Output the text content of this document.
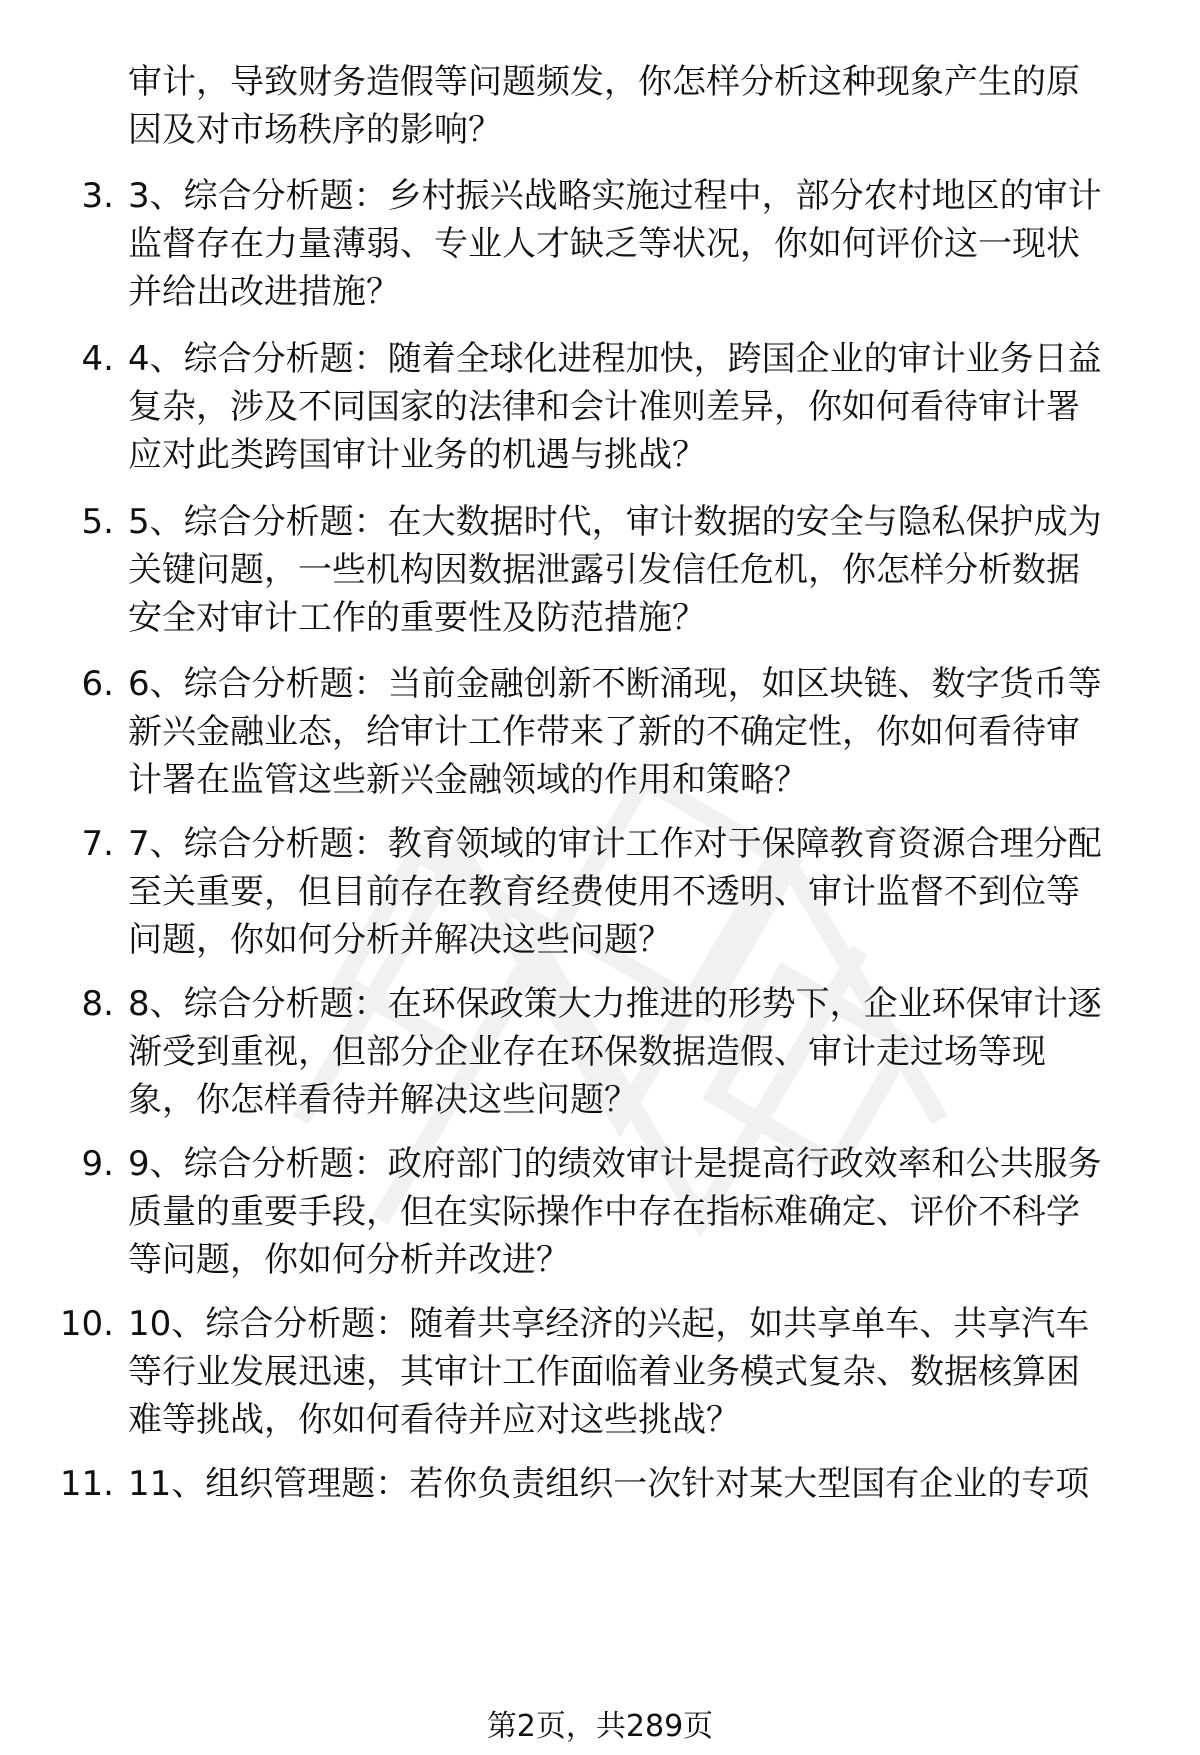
审计，导致财务造假等问题频发，你怎样分析这种现象产生的原
因及对市场秩序的影响？

3. 3、综合分析题：乡村振兴战略实施过程中，部分农村地区的审计
监督存在力量薄弱、专业人才缺乏等状况，你如何评价这一现状
并给出改进措施？

4. 4、综合分析题：随着全球化进程加快，跨国企业的审计业务日益
复杂，涉及不同国家的法律和会计准则差异，你如何看待审计署
应对此类跨国审计业务的机遇与挑战？

5. 5、综合分析题：在大数据时代，审计数据的安全与隐私保护成为
关键问题，一些机构因数据泄露引发信任危机，你怎样分析数据
安全对审计工作的重要性及防范措施？

6. 6、综合分析题：当前金融创新不断涌现，如区块链、数字货币等
新兴金融业态，给审计工作带来了新的不确定性，你如何看待审
计署在监管这些新兴金融领域的作用和策略？

7. 7、综合分析题：教育领域的审计工作对于保障教育资源合理分配
至关重要，但目前存在教育经费使用不透明、审计监督不到位等
问题，你如何分析并解决这些问题？

8. 8、综合分析题：在环保政策大力推进的形势下，企业环保审计逐
渐受到重视，但部分企业存在环保数据造假、审计走过场等现
象，你怎样看待并解决这些问题？

9. 9、综合分析题：政府部门的绩效审计是提高行政效率和公共服务
质量的重要手段，但在实际操作中存在指标难确定、评价不科学
等问题，你如何分析并改进？

10. 10、综合分析题：随着共享经济的兴起，如共享单车、共享汽车
等行业发展迅速，其审计工作面临着业务模式复杂、数据核算困
难等挑战，你如何看待并应对这些挑战？

11. 11、组织管理题：若你负责组织一次针对某大型国有企业的专项

第2页，共289页
